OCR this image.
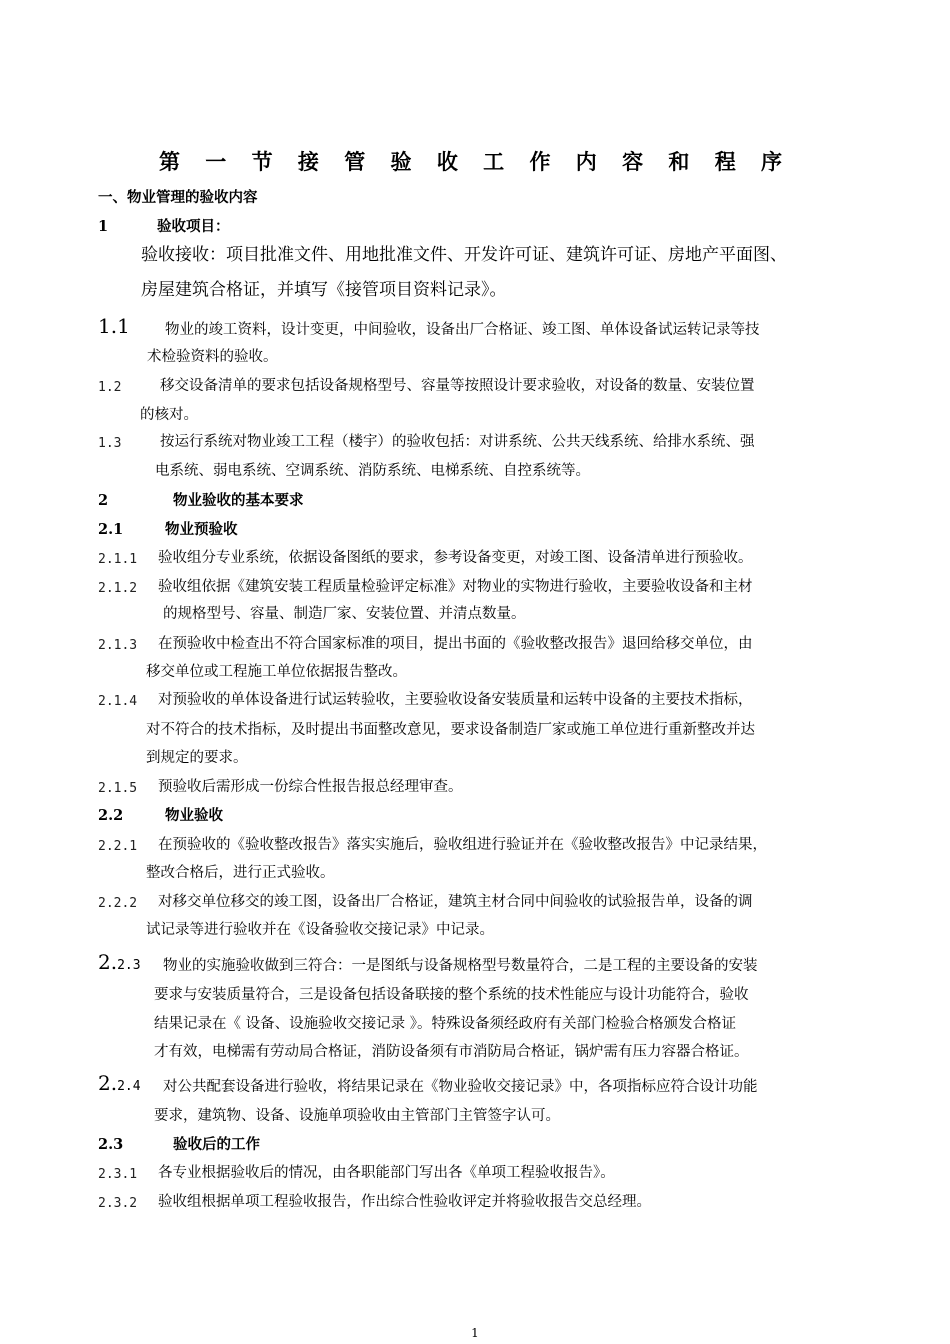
第 一 节 接 管 验 收 工 作 内 容 和 程 序
一、物业管理的验收内容
1	验收项目：
验收接收：项目批准文件、用地批准文件、开发许可证、建筑许可证、房地产平面图、
房屋建筑合格证，并填写《接管项目资料记录》。
1.1 物业的竣工资料，设计变更，中间验收，设备出厂合格证、竣工图、单体设备试运转记录等技
术检验资料的验收。
1.2	移交设备清单的要求包括设备规格型号、容量等按照设计要求验收，对设备的数量、安装位置
的核对。
1.3	按运行系统对物业竣工工程（楼宇）的验收包括：对讲系统、公共天线系统、给排水系统、强
电系统、弱电系统、空调系统、消防系统、电梯系统、自控系统等。
2	物业验收的基本要求
2.1	物业预验收
2.1.1 验收组分专业系统，依据设备图纸的要求，参考设备变更，对竣工图、设备清单进行预验收。
2.1.2 验收组依据《建筑安装工程质量检验评定标准》对物业的实物进行验收，主要验收设备和主材
的规格型号、容量、制造厂家、安装位置、并清点数量。
2.1.3 在预验收中检查出不符合国家标准的项目，提出书面的《验收整改报告》退回给移交单位，由
移交单位或工程施工单位依据报告整改。
2.1.4 对预验收的单体设备进行试运转验收，主要验收设备安装质量和运转中设备的主要技术指标，
对不符合的技术指标，及时提出书面整改意见，要求设备制造厂家或施工单位进行重新整改并达
到规定的要求。
2.1.5 预验收后需形成一份综合性报告报总经理审查。
2.2	物业验收
2.2.1 在预验收的《验收整改报告》落实实施后，验收组进行验证并在《验收整改报告》中记录结果，
整改合格后，进行正式验收。
2.2.2 对移交单位移交的竣工图，设备出厂合格证，建筑主材合同中间验收的试验报告单，设备的调
试记录等进行验收并在《设备验收交接记录》中记录。
2.2.3 物业的实施验收做到三符合：一是图纸与设备规格型号数量符合，二是工程的主要设备的安装
要求与安装质量符合，三是设备包括设备联接的整个系统的技术性能应与设计功能符合，验收
结果记录在《 设备、设施验收交接记录 》。特殊设备须经政府有关部门检验合格颁发合格证
才有效，电梯需有劳动局合格证，消防设备须有市消防局合格证，锅炉需有压力容器合格证。
2.2.4 对公共配套设备进行验收，将结果记录在《物业验收交接记录》中，各项指标应符合设计功能
要求，建筑物、设备、设施单项验收由主管部门主管签字认可。
2.3	验收后的工作
2.3.1 各专业根据验收后的情况，由各职能部门写出各《单项工程验收报告》。
2.3.2 验收组根据单项工程验收报告，作出综合性验收评定并将验收报告交总经理。
1
